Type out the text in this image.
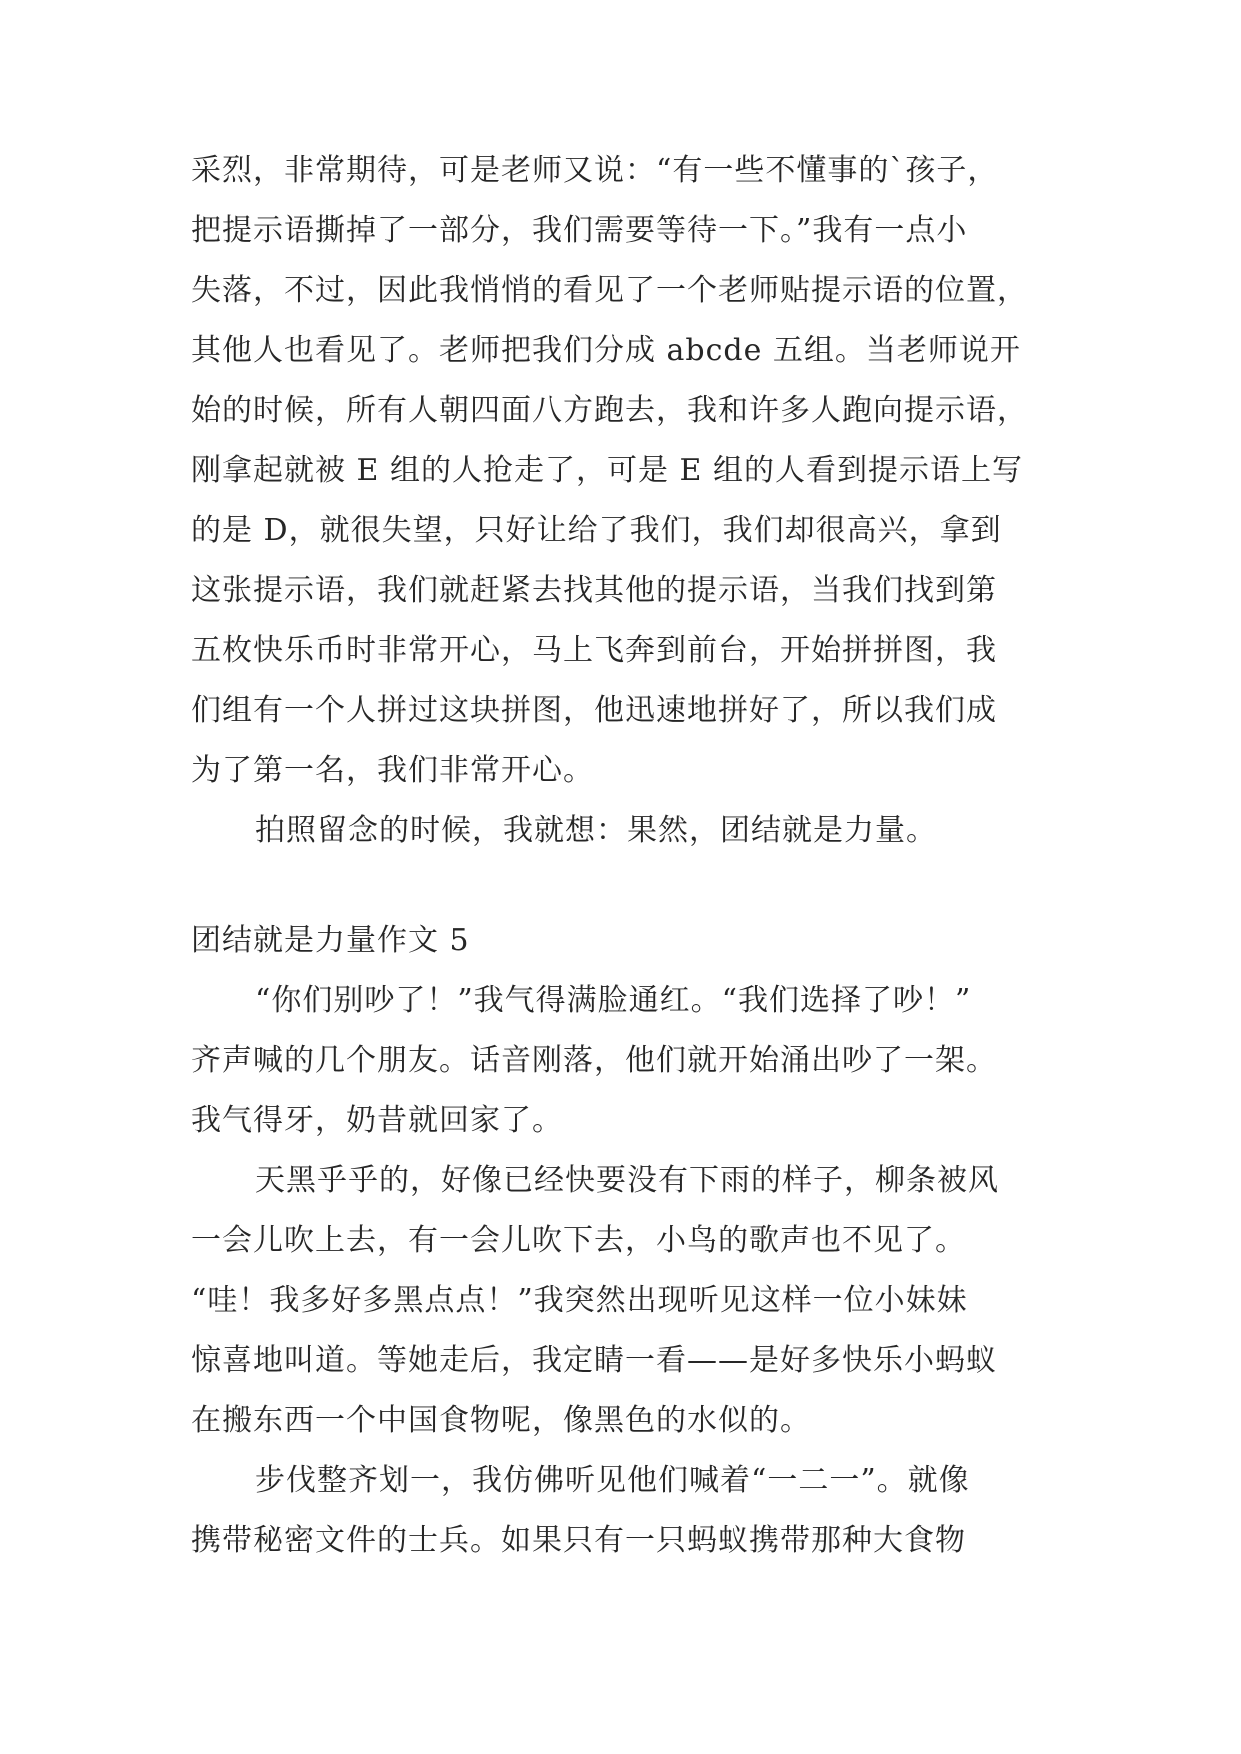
采烈，非常期待，可是老师又说：“有一些不懂事的`孩子，
把提示语撕掉了一部分，我们需要等待一下。”我有一点小
失落，不过，因此我悄悄的看见了一个老师贴提示语的位置，
其他人也看见了。老师把我们分成 abcde 五组。当老师说开
始的时候，所有人朝四面八方跑去，我和许多人跑向提示语，
刚拿起就被 E 组的人抢走了，可是 E 组的人看到提示语上写
的是 D，就很失望，只好让给了我们，我们却很高兴，拿到
这张提示语，我们就赶紧去找其他的提示语，当我们找到第
五枚快乐币时非常开心，马上飞奔到前台，开始拼拼图，我
们组有一个人拼过这块拼图，他迅速地拼好了，所以我们成
为了第一名，我们非常开心。
拍照留念的时候，我就想：果然，团结就是力量。
团结就是力量作文 5
“你们别吵了！”我气得满脸通红。“我们选择了吵！”
齐声喊的几个朋友。话音刚落，他们就开始涌出吵了一架。
我气得牙，奶昔就回家了。
天黑乎乎的，好像已经快要没有下雨的样子，柳条被风
一会儿吹上去，有一会儿吹下去，小鸟的歌声也不见了。
“哇！我多好多黑点点！”我突然出现听见这样一位小妹妹
惊喜地叫道。等她走后，我定睛一看——是好多快乐小蚂蚁
在搬东西一个中国食物呢，像黑色的水似的。
步伐整齐划一，我仿佛听见他们喊着“一二一”。就像
携带秘密文件的士兵。如果只有一只蚂蚁携带那种大食物
